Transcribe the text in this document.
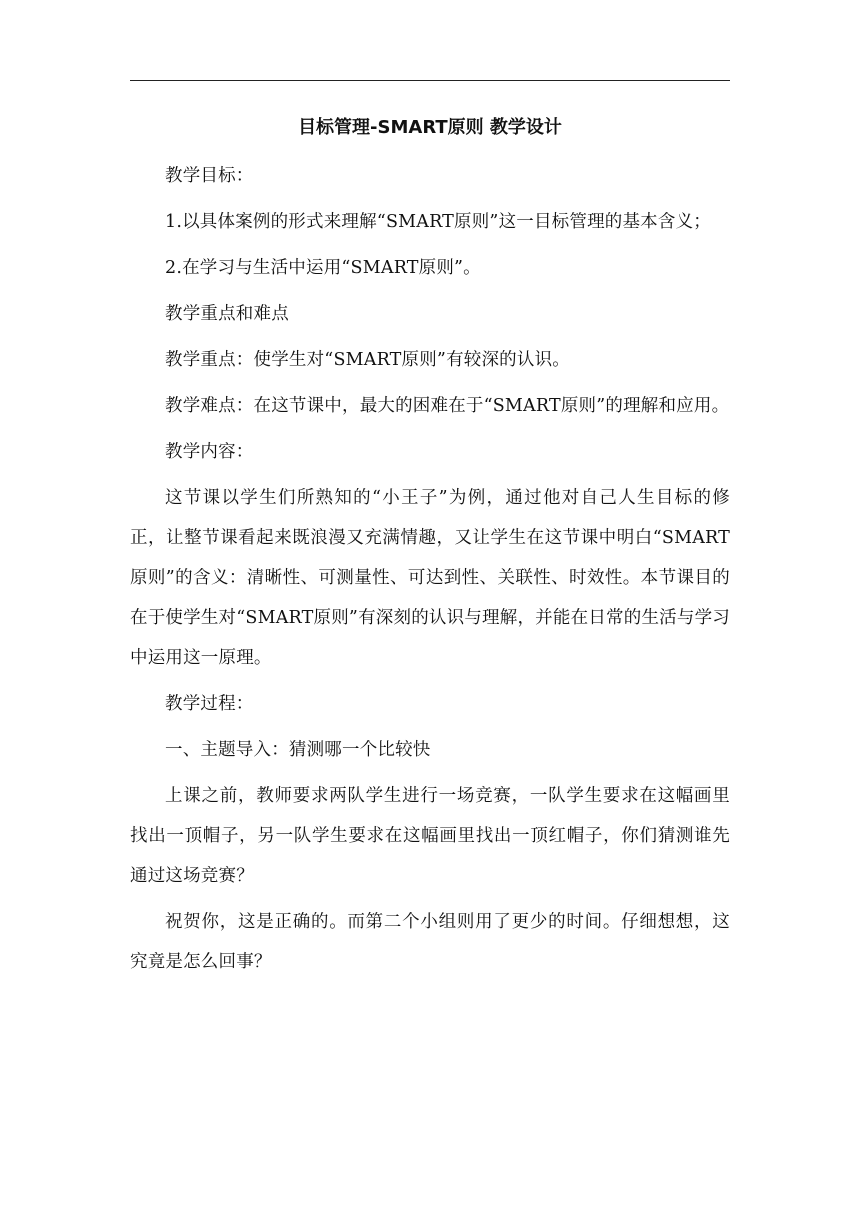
目标管理-SMART原则 教学设计

教学目标：

1.以具体案例的形式来理解“SMART原则”这一目标管理的基本含义；

2.在学习与生活中运用“SMART原则”。

教学重点和难点

教学重点：使学生对“SMART原则”有较深的认识。

教学难点：在这节课中，最大的困难在于“SMART原则”的理解和应用。

教学内容：

这节课以学生们所熟知的“小王子”为例，通过他对自己人生目标的修正，让整节课看起来既浪漫又充满情趣，又让学生在这节课中明白“SMART原则”的含义：清晰性、可测量性、可达到性、关联性、时效性。本节课目的在于使学生对“SMART原则”有深刻的认识与理解，并能在日常的生活与学习中运用这一原理。

教学过程：

一、主题导入：猜测哪一个比较快

上课之前，教师要求两队学生进行一场竞赛，一队学生要求在这幅画里找出一顶帽子，另一队学生要求在这幅画里找出一顶红帽子，你们猜测谁先通过这场竞赛？

祝贺你，这是正确的。而第二个小组则用了更少的时间。仔细想想，这究竟是怎么回事？
